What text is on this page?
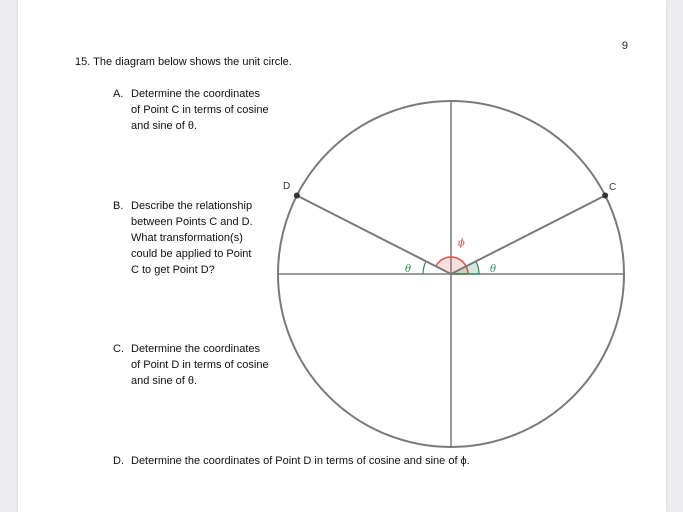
9
15. The diagram below shows the unit circle.
A. Determine the coordinates of Point C in terms of cosine and sine of θ.
B. Describe the relationship between Points C and D. What transformation(s) could be applied to Point C to get Point D?
C. Determine the coordinates of Point D in terms of cosine and sine of θ.
D. Determine the coordinates of Point D in terms of cosine and sine of ϕ.
C
D
ϕ
θ
θ
